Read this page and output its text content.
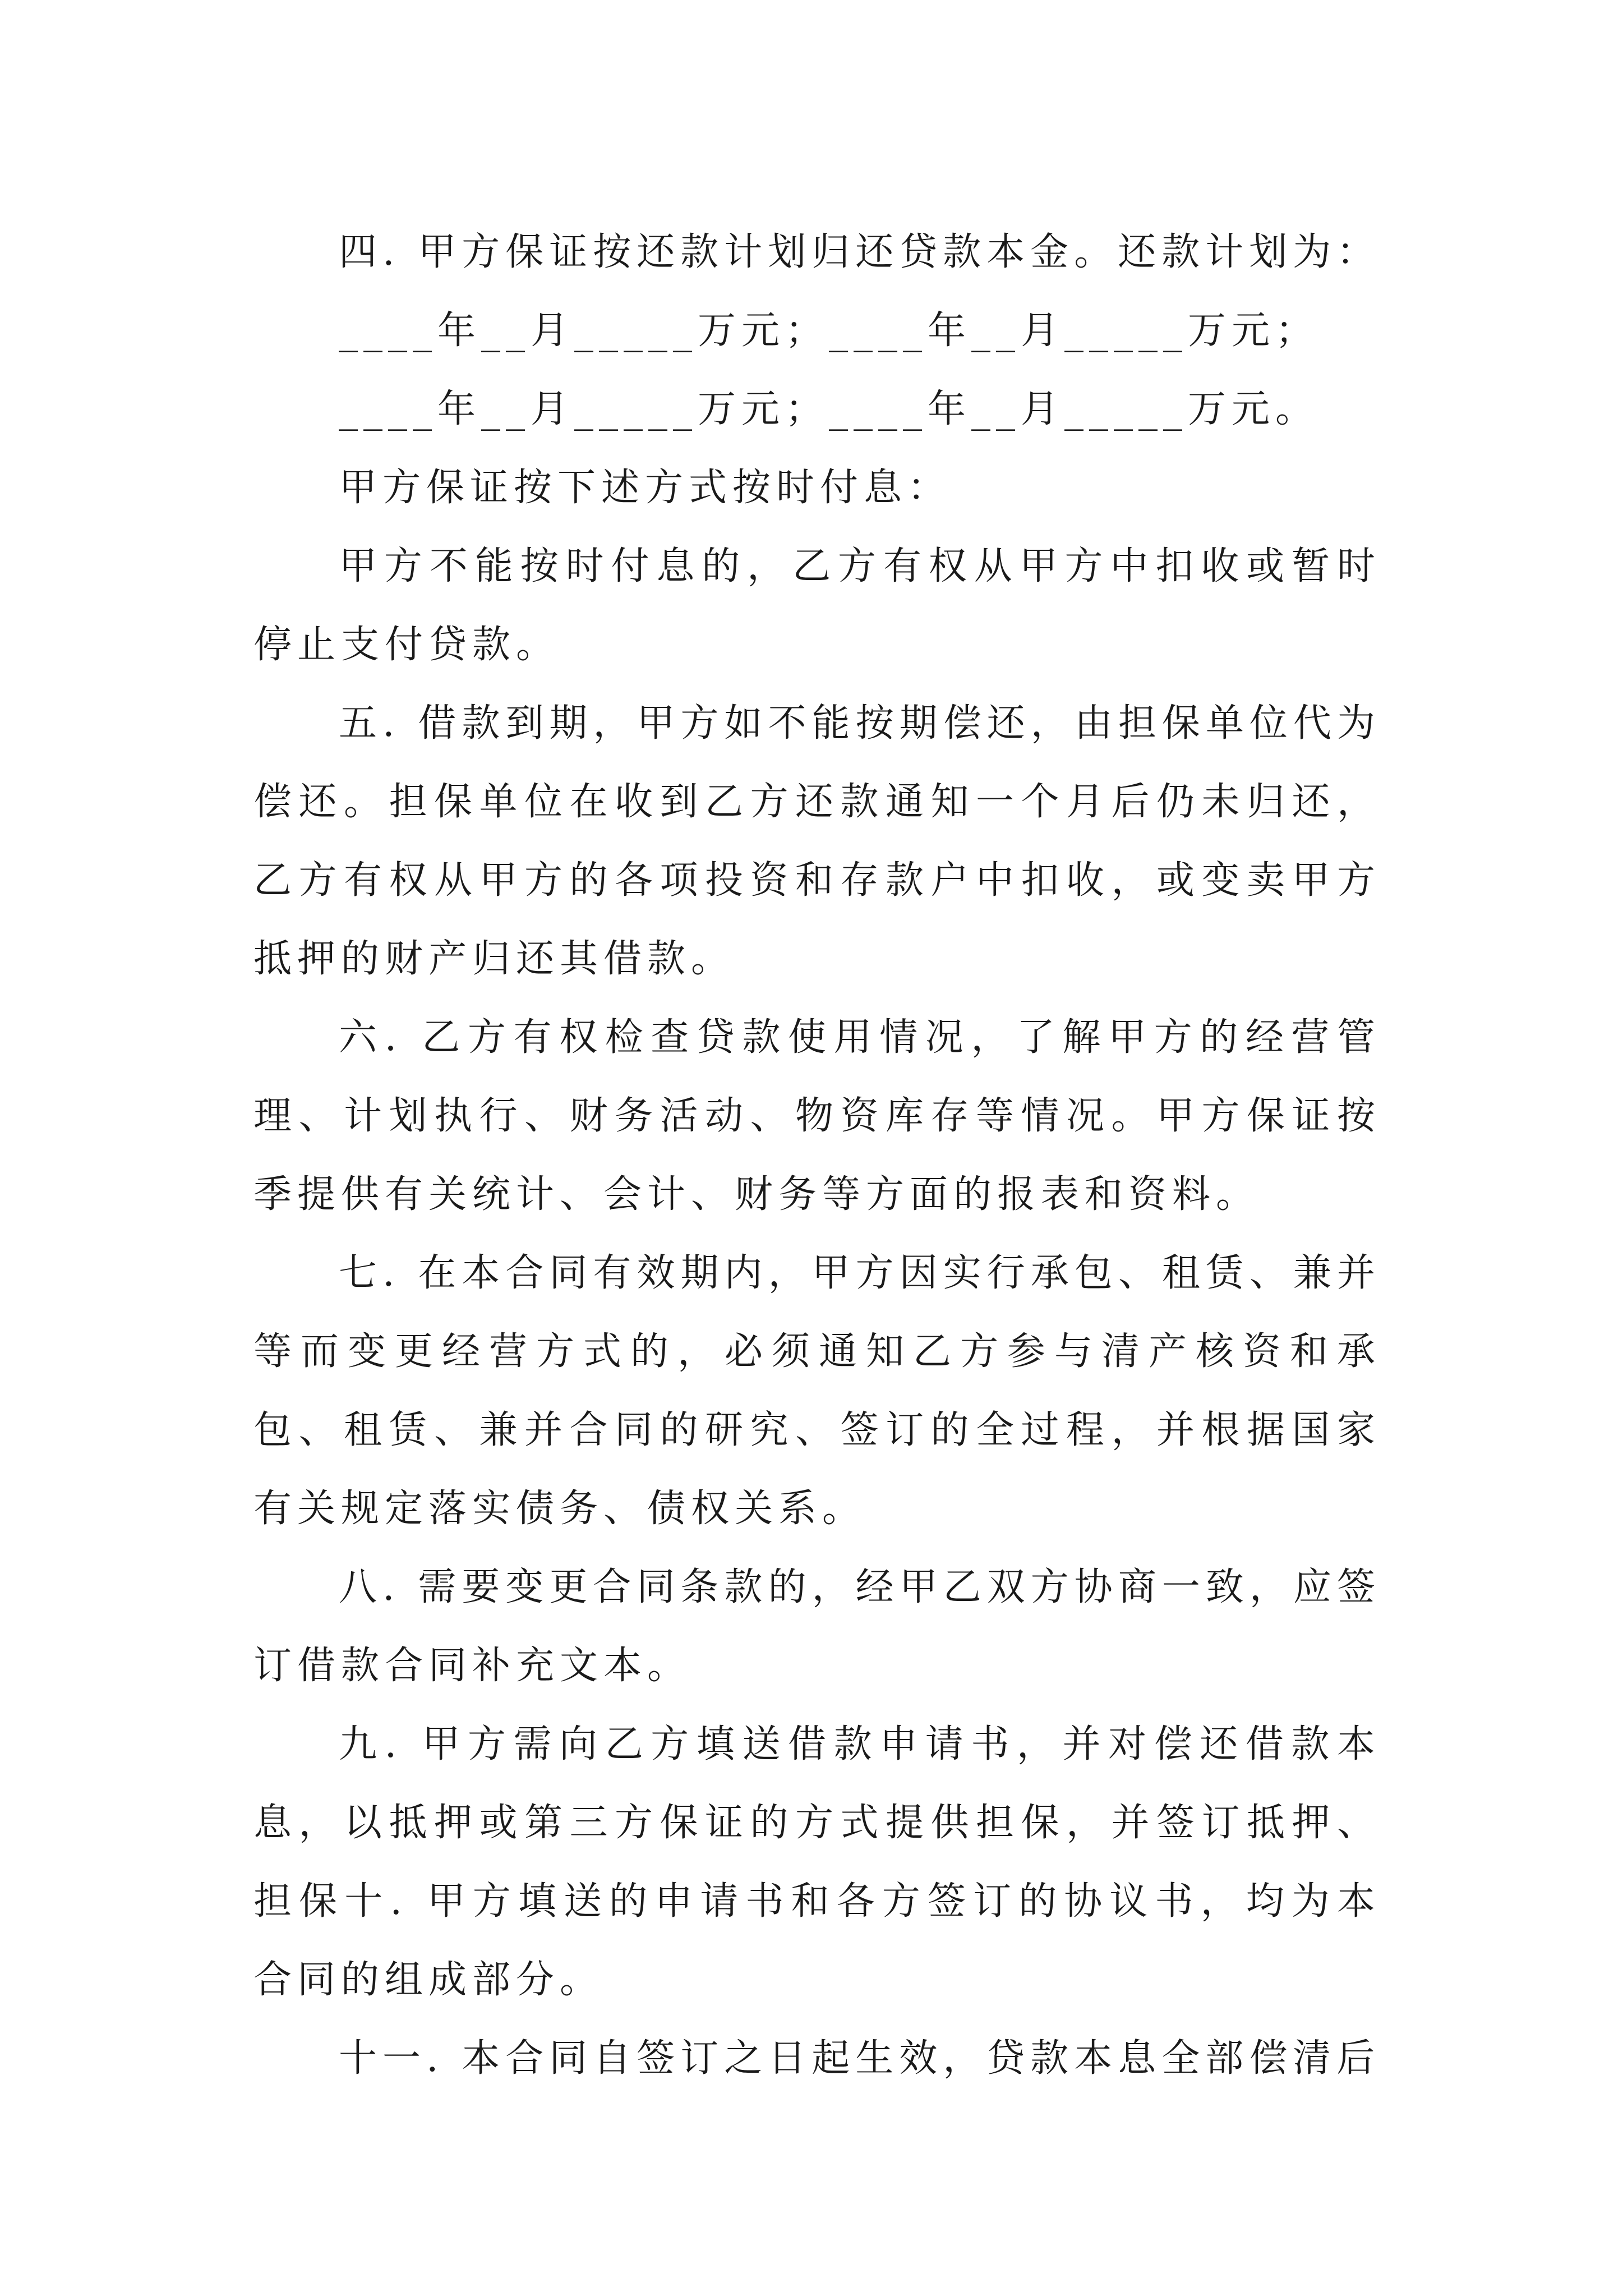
四. 甲方保证按还款计划归还贷款本金。还款计划为：

____年__月_____万元；____年__月_____万元；

____年__月_____万元；____年__月_____万元。

甲方保证按下述方式按时付息：

甲方不能按时付息的，乙方有权从甲方中扣收或暂时停止支付贷款。

五. 借款到期，甲方如不能按期偿还，由担保单位代为偿还。担保单位在收到乙方还款通知一个月后仍未归还，乙方有权从甲方的各项投资和存款户中扣收，或变卖甲方抵押的财产归还其借款。

六. 乙方有权检查贷款使用情况，了解甲方的经营管理、计划执行、财务活动、物资库存等情况。甲方保证按季提供有关统计、会计、财务等方面的报表和资料。

七. 在本合同有效期内，甲方因实行承包、租赁、兼并等而变更经营方式的，必须通知乙方参与清产核资和承包、租赁、兼并合同的研究、签订的全过程，并根据国家有关规定落实债务、债权关系。

八. 需要变更合同条款的，经甲乙双方协商一致，应签订借款合同补充文本。

九. 甲方需向乙方填送借款申请书，并对偿还借款本息，以抵押或第三方保证的方式提供担保，并签订抵押、担保十. 甲方填送的申请书和各方签订的协议书，均为本合同的组成部分。

十一. 本合同自签订之日起生效，贷款本息全部偿清后
